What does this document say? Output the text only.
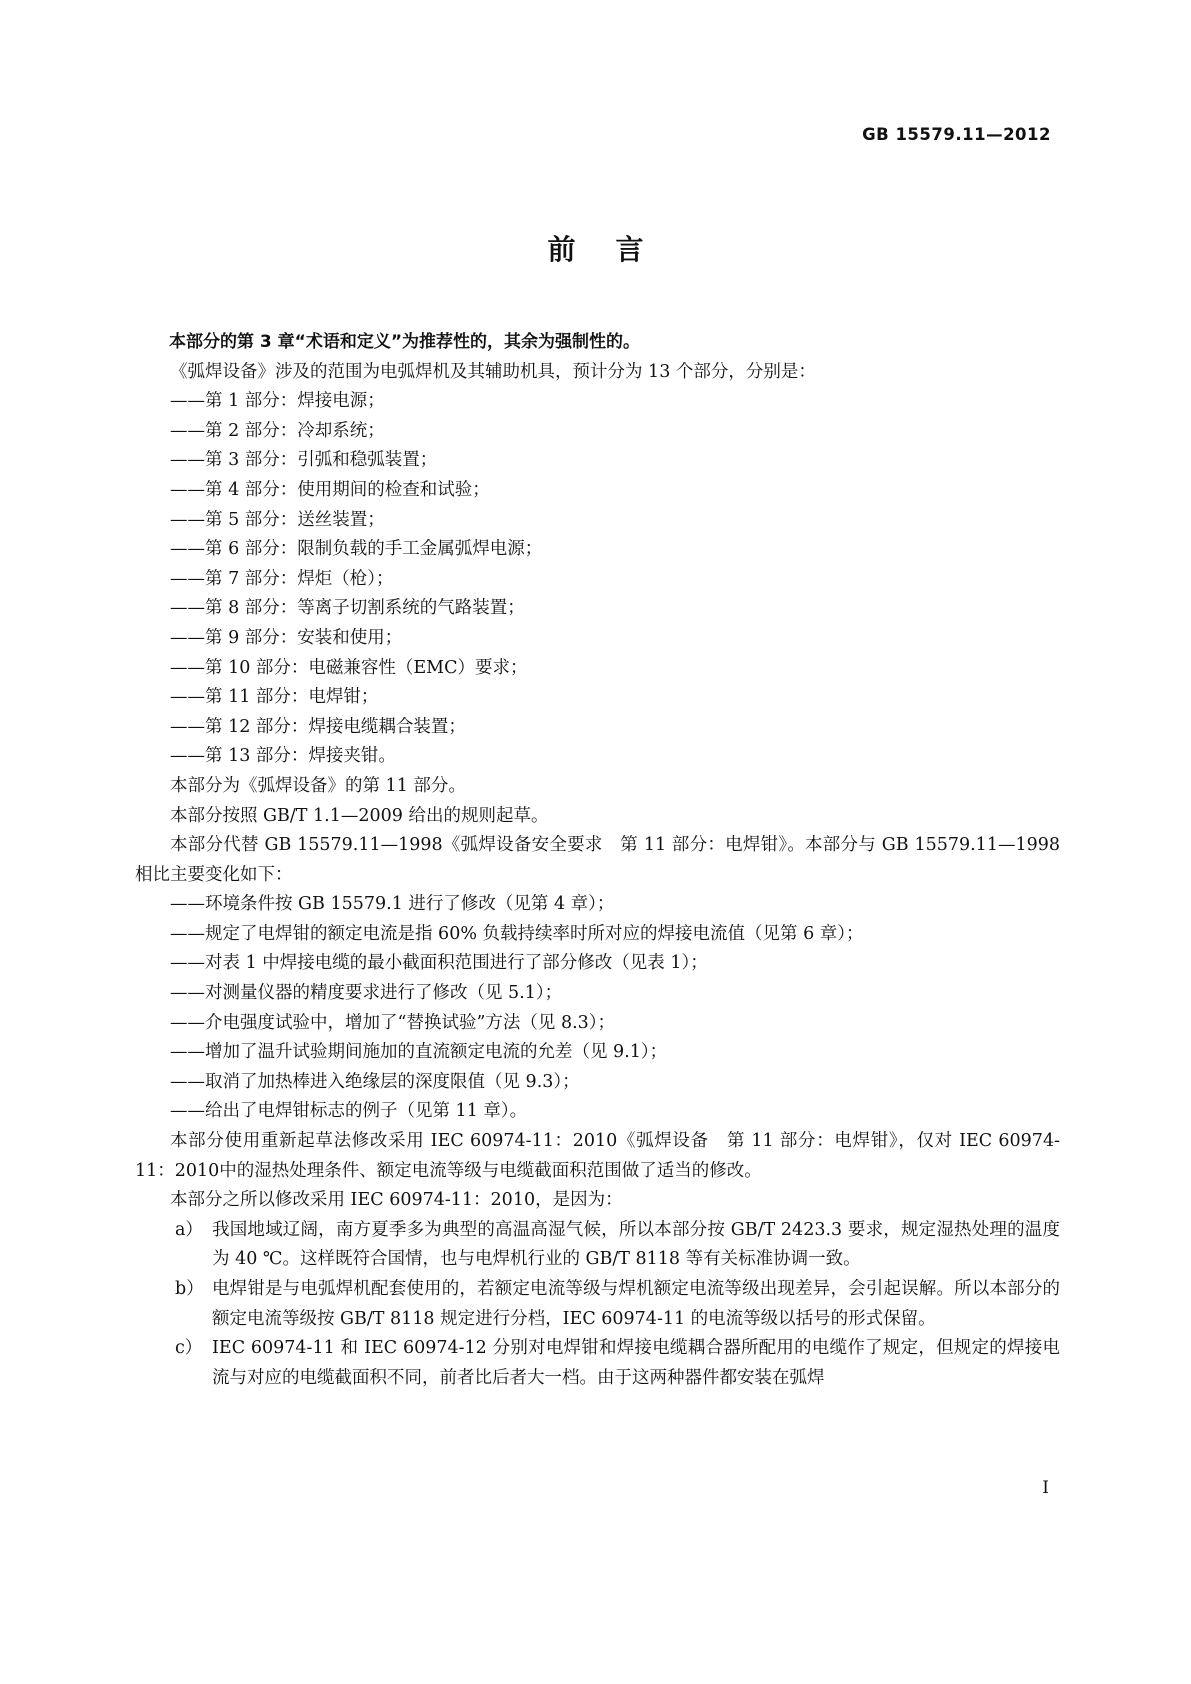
GB 15579.11—2012
前言

本部分的第 3 章“术语和定义”为推荐性的，其余为强制性的。

《弧焊设备》涉及的范围为电弧焊机及其辅助机具，预计分为 13 个部分，分别是：

——第 1 部分：焊接电源；

——第 2 部分：冷却系统；

——第 3 部分：引弧和稳弧装置；

——第 4 部分：使用期间的检查和试验；

——第 5 部分：送丝装置；

——第 6 部分：限制负载的手工金属弧焊电源；

——第 7 部分：焊炬（枪）；

——第 8 部分：等离子切割系统的气路装置；

——第 9 部分：安装和使用；

——第 10 部分：电磁兼容性（EMC）要求；

——第 11 部分：电焊钳；

——第 12 部分：焊接电缆耦合装置；

——第 13 部分：焊接夹钳。

本部分为《弧焊设备》的第 11 部分。

本部分按照 GB/T 1.1—2009 给出的规则起草。

本部分代替 GB 15579.11—1998《弧焊设备安全要求　第 11 部分：电焊钳》。本部分与 GB 15579.11—1998 相比主要变化如下：

——环境条件按 GB 15579.1 进行了修改（见第 4 章）；

——规定了电焊钳的额定电流是指 60% 负载持续率时所对应的焊接电流值（见第 6 章）；

——对表 1 中焊接电缆的最小截面积范围进行了部分修改（见表 1）；

——对测量仪器的精度要求进行了修改（见 5.1）；

——介电强度试验中，增加了“替换试验”方法（见 8.3）；

——增加了温升试验期间施加的直流额定电流的允差（见 9.1）；

——取消了加热棒进入绝缘层的深度限值（见 9.3）；

——给出了电焊钳标志的例子（见第 11 章）。

本部分使用重新起草法修改采用 IEC 60974-11：2010《弧焊设备　第 11 部分：电焊钳》，仅对 IEC 60974-11：2010中的湿热处理条件、额定电流等级与电缆截面积范围做了适当的修改。

本部分之所以修改采用 IEC 60974-11：2010，是因为：

a） 我国地域辽阔，南方夏季多为典型的高温高湿气候，所以本部分按 GB/T 2423.3 要求，规定湿热处理的温度为 40 ℃。这样既符合国情，也与电焊机行业的 GB/T 8118 等有关标准协调一致。

b） 电焊钳是与电弧焊机配套使用的，若额定电流等级与焊机额定电流等级出现差异，会引起误解。所以本部分的额定电流等级按 GB/T 8118 规定进行分档，IEC 60974-11 的电流等级以括号的形式保留。

c） IEC 60974-11 和 IEC 60974-12 分别对电焊钳和焊接电缆耦合器所配用的电缆作了规定，但规定的焊接电流与对应的电缆截面积不同，前者比后者大一档。由于这两种器件都安装在弧焊

I
